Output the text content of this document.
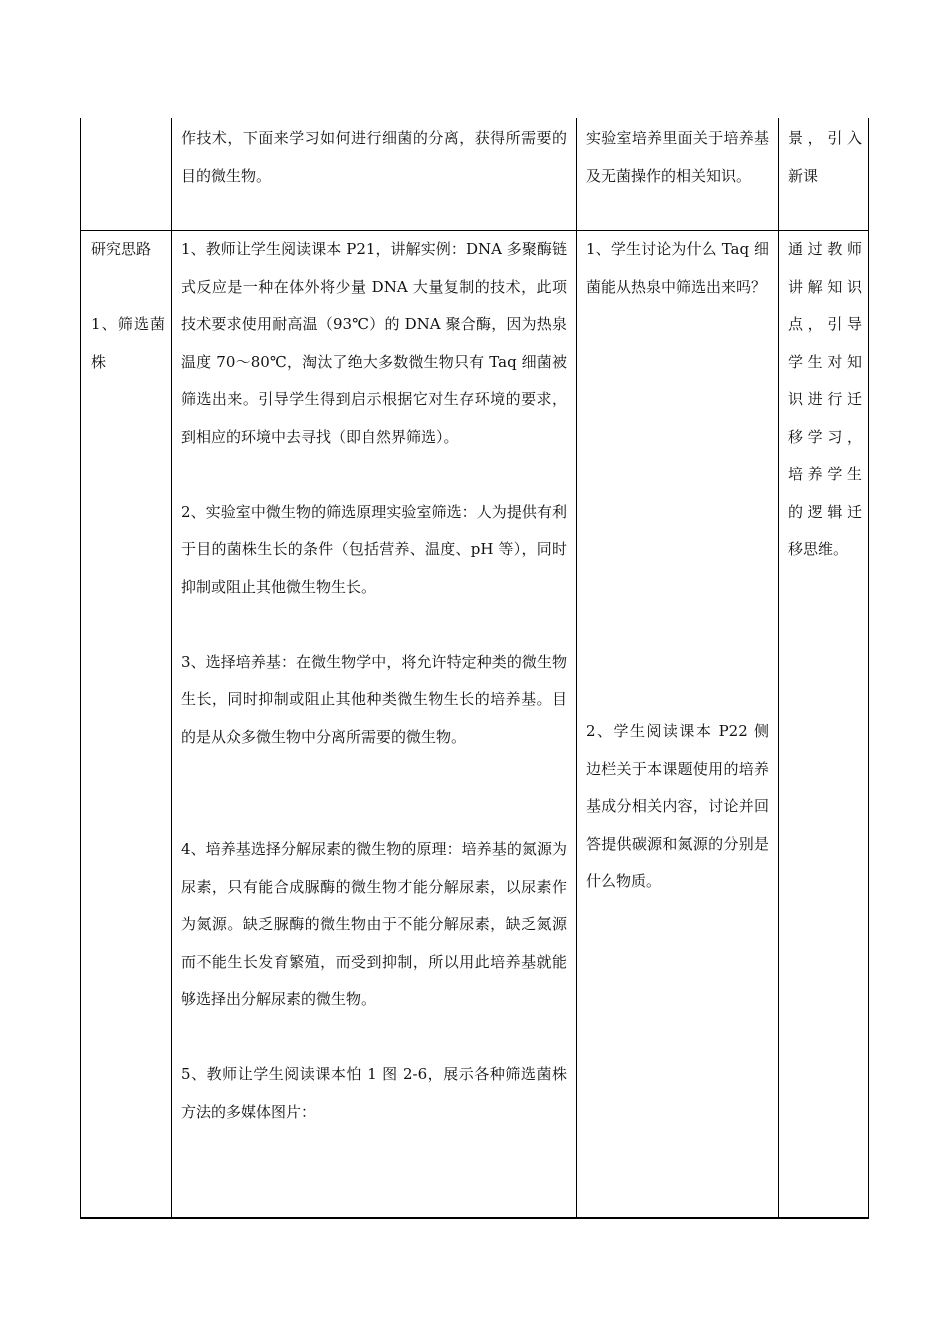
作技术，下面来学习如何进行细菌的分离，获得所需要的目的微生物。

实验室培养里面关于培养基及无菌操作的相关知识。

景，引入新课

研究思路

1、筛选菌株

1、教师让学生阅读课本 P21，讲解实例：DNA 多聚酶链式反应是一种在体外将少量 DNA 大量复制的技术，此项技术要求使用耐高温（93℃）的 DNA 聚合酶，因为热泉温度 70～80℃，淘汰了绝大多数微生物只有 Taq 细菌被筛选出来。引导学生得到启示根据它对生存环境的要求，到相应的环境中去寻找（即自然界筛选）。

2、实验室中微生物的筛选原理实验室筛选：人为提供有利于目的菌株生长的条件（包括营养、温度、pH 等），同时抑制或阻止其他微生物生长。

3、选择培养基：在微生物学中，将允许特定种类的微生物生长，同时抑制或阻止其他种类微生物生长的培养基。目的是从众多微生物中分离所需要的微生物。

4、培养基选择分解尿素的微生物的原理：培养基的氮源为尿素，只有能合成脲酶的微生物才能分解尿素，以尿素作为氮源。缺乏脲酶的微生物由于不能分解尿素，缺乏氮源而不能生长发育繁殖，而受到抑制，所以用此培养基就能够选择出分解尿素的微生物。

5、教师让学生阅读课本怕 1 图 2-6，展示各种筛选菌株方法的多媒体图片：

1、学生讨论为什么 Taq 细菌能从热泉中筛选出来吗？

2、学生阅读课本 P22 侧边栏关于本课题使用的培养基成分相关内容，讨论并回答提供碳源和氮源的分别是什么物质。

通过教师讲解知识点，引导学生对知识进行迁移学习，培养学生的逻辑迁移思维。
